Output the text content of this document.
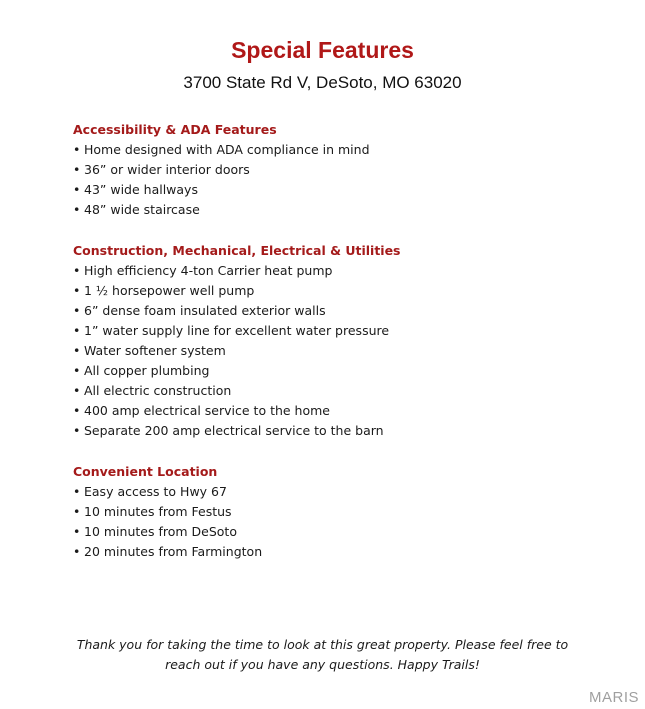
Special Features
3700 State Rd V, DeSoto, MO 63020
Accessibility & ADA Features
• Home designed with ADA compliance in mind
• 36” or wider interior doors
• 43” wide hallways
• 48” wide staircase
Construction, Mechanical, Electrical & Utilities
• High efficiency 4-ton Carrier heat pump
• 1 ½ horsepower well pump
• 6” dense foam insulated exterior walls
• 1” water supply line for excellent water pressure
• Water softener system
• All copper plumbing
• All electric construction
• 400 amp electrical service to the home
• Separate 200 amp electrical service to the barn
Convenient Location
• Easy access to Hwy 67
• 10 minutes from Festus
• 10 minutes from DeSoto
• 20 minutes from Farmington
Thank you for taking the time to look at this great property. Please feel free to
reach out if you have any questions. Happy Trails!
MARIS
